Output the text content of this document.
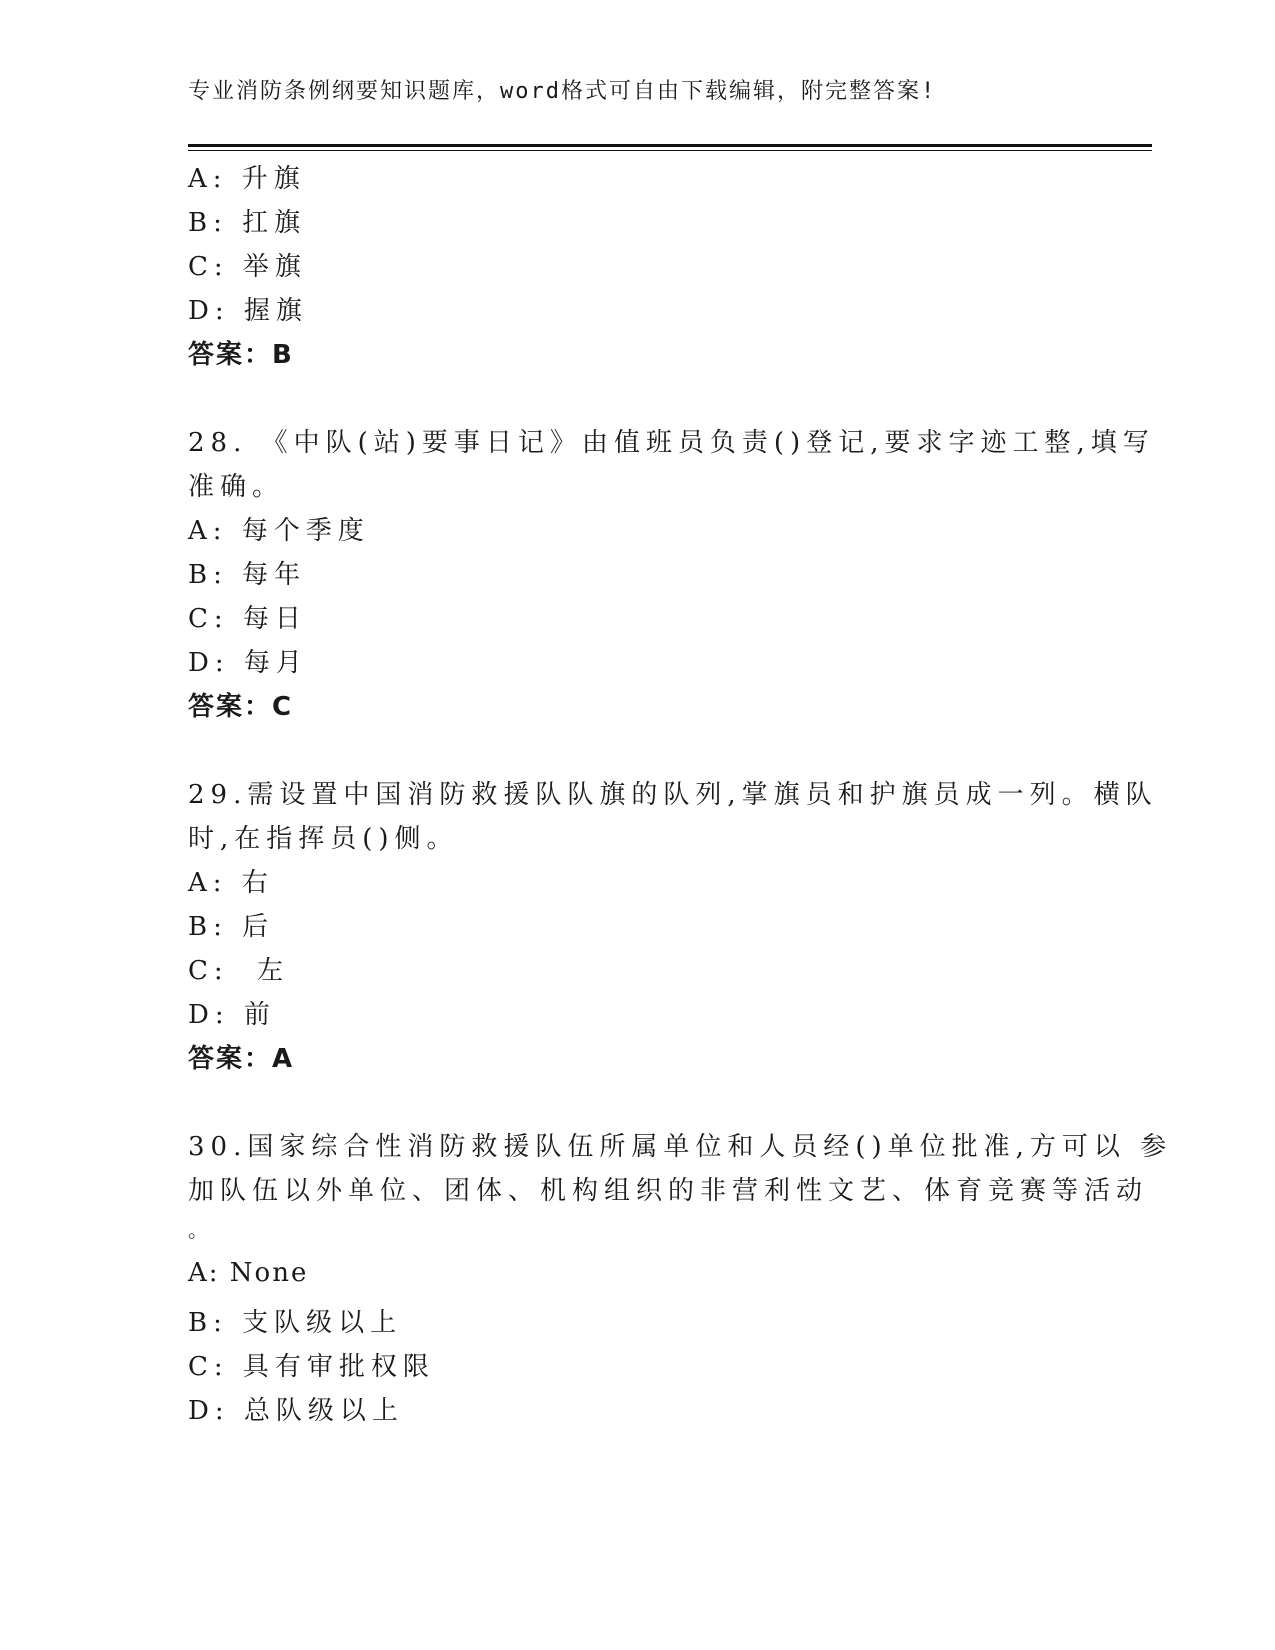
专业消防条例纲要知识题库，word格式可自由下载编辑，附完整答案!
A: 升旗
B: 扛旗
C: 举旗
D: 握旗
答案：B
28. 《中队(站)要事日记》由值班员负责()登记,要求字迹工整,填写
准确。
A: 每个季度
B: 每年
C: 每日
D: 每月
答案：C
29.需设置中国消防救援队队旗的队列,掌旗员和护旗员成一列。横队
时,在指挥员()侧。
A: 右
B: 后
C:  左
D: 前
答案：A
30.国家综合性消防救援队伍所属单位和人员经()单位批准,方可以 参
加队伍以外单位、团体、机构组织的非营利性文艺、体育竞赛等活动
。
A: None
B: 支队级以上
C: 具有审批权限
D: 总队级以上
